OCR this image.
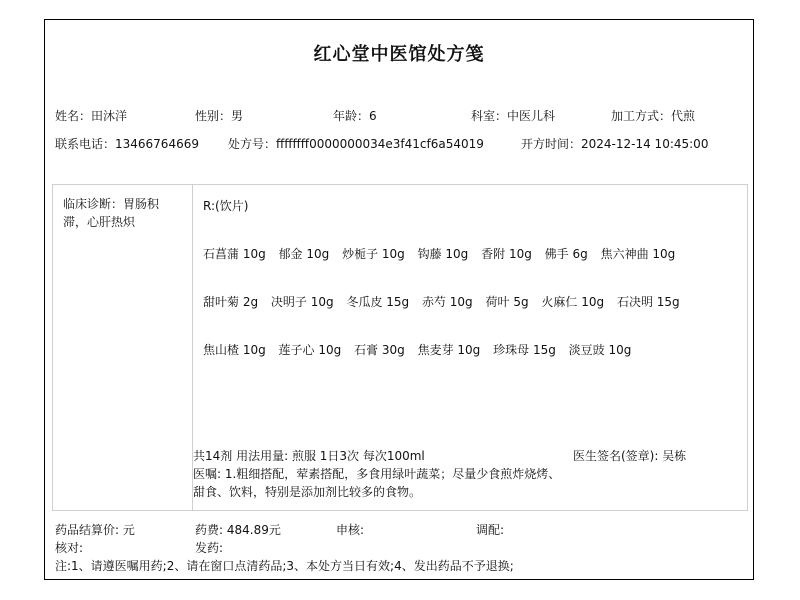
红心堂中医馆处方笺
姓名：田沐洋	性别：男	年龄：6	科室：中医儿科	加工方式：代煎
联系电话：13466764669 处方号：ffffffff0000000034e3f41cf6a54019	开方时间：2024-12-14 10:45:00
临床诊断：胃肠积滞，心肝热炽
R:(饮片)
石菖蒲 10g 郁金 10g 炒栀子 10g 钩藤 10g 香附 10g 佛手 6g 焦六神曲 10g
甜叶菊 2g 决明子 10g 冬瓜皮 15g 赤芍 10g 荷叶 5g 火麻仁 10g 石决明 15g
焦山楂 10g 莲子心 10g 石膏 30g 焦麦芽 10g 珍珠母 15g 淡豆豉 10g
共14剂 用法用量: 煎服 1日3次 每次100ml	医生签名(签章): 吴栋
医嘱: 1.粗细搭配，荤素搭配，多食用绿叶蔬菜；尽量少食煎炸烧烤、甜食、饮料，特别是添加剂比较多的食物。
药品结算价: 元	药费: 484.89元	申核:	调配:
核对:	发药:
注:1、请遵医嘱用药;2、请在窗口点清药品;3、本处方当日有效;4、发出药品不予退换;
